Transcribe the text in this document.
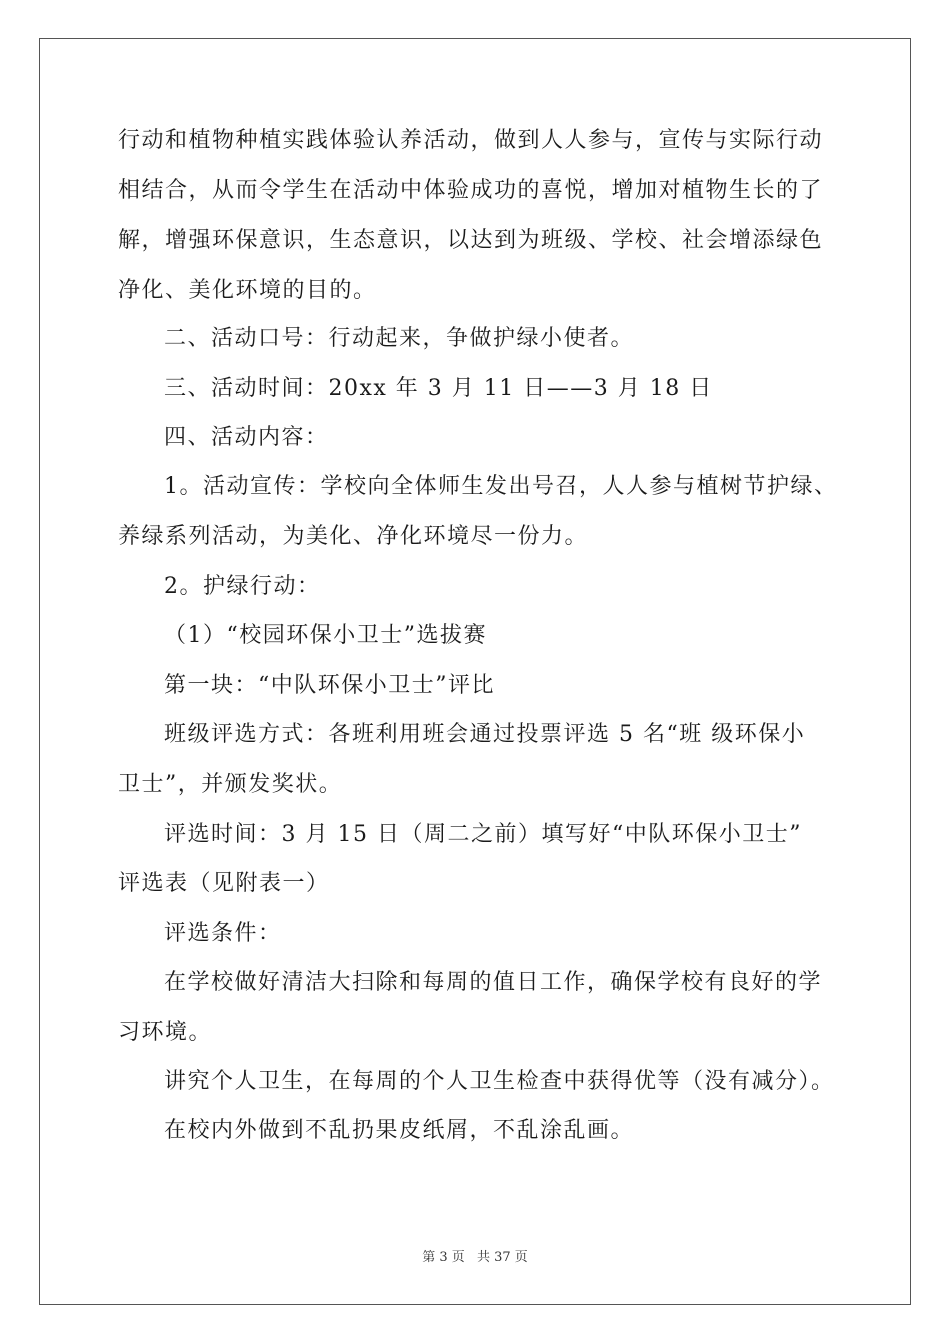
行动和植物种植实践体验认养活动，做到人人参与，宣传与实际行动
相结合，从而令学生在活动中体验成功的喜悦，增加对植物生长的了
解，增强环保意识，生态意识，以达到为班级、学校、社会增添绿色
净化、美化环境的目的。
二、活动口号：行动起来，争做护绿小使者。
三、活动时间：20xx 年 3 月 11 日——3 月 18 日
四、活动内容：
1。活动宣传：学校向全体师生发出号召，人人参与植树节护绿、
养绿系列活动，为美化、净化环境尽一份力。
2。护绿行动：
（1）“校园环保小卫士”选拔赛
第一块：“中队环保小卫士”评比
班级评选方式：各班利用班会通过投票评选 5 名“班 级环保小
卫士”，并颁发奖状。
评选时间：3 月 15 日（周二之前）填写好“中队环保小卫士”
评选表（见附表一）
评选条件：
在学校做好清洁大扫除和每周的值日工作，确保学校有良好的学
习环境。
讲究个人卫生，在每周的个人卫生检查中获得优等（没有减分）。
在校内外做到不乱扔果皮纸屑，不乱涂乱画。
第 3 页 共 37 页
